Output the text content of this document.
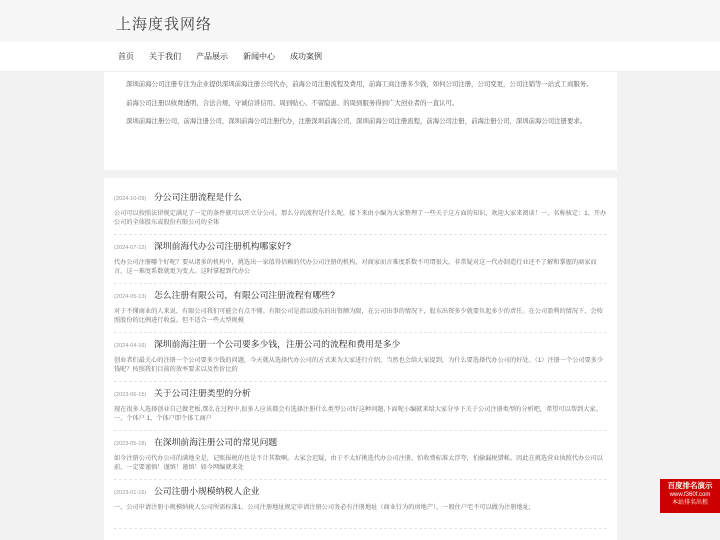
上海度我网络
首页 关于我们 产品展示 新闻中心 成功案例

深圳前海公司注册专注为企业提供深圳前海注册公司代办，前海公司注册流程及费用，前海工商注册多少钱，如何公司注册，公司变更，公司注销等一站式工商服务。

前海公司注册以收费透明、合法合规、守诚信讲信用、周到贴心、不留隐患、的周到服务得到广大创业者的一直认可。

深圳前海注册公司，前海注册公司，深圳前海公司注册代办，注册深圳前海公司，深圳前海公司注册流程，前海公司注册，前海注册公司，深圳前海公司注册要求。

(2024-10-09) 分公司注册流程是什么
公司可以按照法律规定满足了一定的条件就可以开立分公司。那么分的流程是什么呢，接下来由小编为大家整理了一些关于这方面的知识，欢迎大家来阅读！一、名称核定：1、开办公司的全体股东或股份有限公司的全体
(2024-07-12) 深圳前海代办公司注册机构哪家好?
代办公司注册哪个好呢？要从诸多的机构中，挑选出一家值得信赖的代办公司注册的机构，对商家而言难度系数不可谓很大。非常疑对这一代办制造行业还不了解和掌握的商家而言，这一难度系数就更为变大。这时掌握到代办公
(2024-05-13) 怎么注册有限公司，有限公司注册流程有哪些?
对于不懂商业的人来说，有限公司我们可能会有点不懂。有限公司是指以股东的出资额为限，在公司出事的情况下，股东出资多少就要负起多少的责任。在公司盈利的情况下，会按照股份的比例进行收益。但不适合一些大型规模
(2024-04-16) 深圳前海注册一个公司要多少钱，注册公司的流程和费用是多少
创业者们最关心的注册一个公司要多少钱的问题，今天就从选择代办公司的方式来为大家进行介绍，当然也会给大家提到，为什么要选择代办公司的好处。（1）注册一个公司要多少钱呢？按照我们目前的效率要求以及性价比的
(2023-06-15) 关于公司注册类型的分析
现在很多人选择创业自己做老板,那么在过程中,很多人应该都会有选择注册什么类型公司好这种问题,下面呢小编就来给大家分享下关于公司注册类型的分析吧，希望可以帮到大家。一、个体户 1、个体户即个体工商户
(2023-05-18) 在深圳前海注册公司的常见问题
如今注册公司代办公司的满地全是，记账报税的也是不计其数啊。大家会迟疑，由于不太好挑选代办公司注册，怕收费标准太浮夸，怕偷漏税错帐。因此在挑选营业执照代办公司以前，一定要谨慎！谨慎！谨慎！如今网编就来处
(2023-01-16) 公司注册小规模纳税人企业
一、公司申请注册小规模纳税人公司所需标准1、公司注册地址规定申请注册公司务必有注册地址（商业行为的房地产），一般住户宅不可以做为注册地址;
百度排名演示
www.f360f.com
本站排名出租
